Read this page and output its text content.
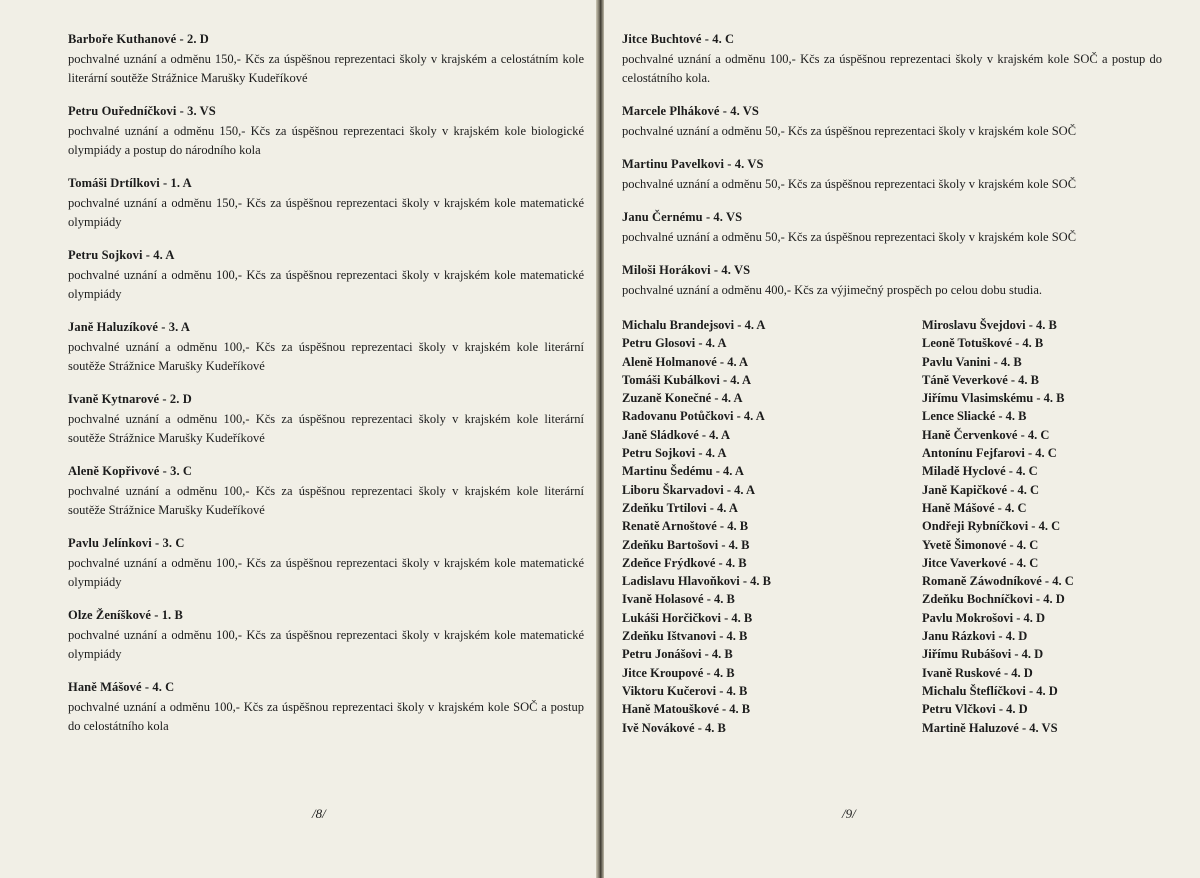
Barboře Kuthanové - 2. D
pochvalné uznání a odměnu 150,- Kčs za úspěšnou reprezentaci školy v krajském a celostátním kole literární soutěže Strážnice Marušky Kudeříkové
Petru Ouředníčkovi - 3. VS
pochvalné uznání a odměnu 150,- Kčs za úspěšnou reprezentaci školy v krajském kole biologické olympiády a postup do národního kola
Tomáši Drtílkovi - 1. A
pochvalné uznání a odměnu 150,- Kčs za úspěšnou reprezentaci školy v krajském kole matematické olympiády
Petru Sojkovi - 4. A
pochvalné uznání a odměnu 100,- Kčs za úspěšnou reprezentaci školy v krajském kole matematické olympiády
Janě Haluzíkové - 3. A
pochvalné uznání a odměnu 100,- Kčs za úspěšnou reprezentaci školy v krajském kole literární soutěže Strážnice Marušky Kudeříkové
Ivaně Kytnarové - 2. D
pochvalné uznání a odměnu 100,- Kčs za úspěšnou reprezentaci školy v krajském kole literární soutěže Strážnice Marušky Kudeříkové
Aleně Kopřivové - 3. C
pochvalné uznání a odměnu 100,- Kčs za úspěšnou reprezentaci školy v krajském kole literární soutěže Strážnice Marušky Kudeříkové
Pavlu Jelínkovi - 3. C
pochvalné uznání a odměnu 100,- Kčs za úspěšnou reprezentaci školy v krajském kole matematické olympiády
Olze Ženíškové - 1. B
pochvalné uznání a odměnu 100,- Kčs za úspěšnou reprezentaci školy v krajském kole matematické olympiády
Haně Mášové - 4. C
pochvalné uznání a odměnu 100,- Kčs za úspěšnou reprezentaci školy v krajském kole SOČ a postup do celostátního kola
/8/
Jitce Buchtové - 4. C
pochvalné uznání a odměnu 100,- Kčs za úspěšnou reprezentaci školy v krajském kole SOČ a postup do celostátního kola.
Marcele Plhákové - 4. VS
pochvalné uznání a odměnu 50,- Kčs za úspěšnou reprezentaci školy v krajském kole SOČ
Martinu Pavelkovi - 4. VS
pochvalné uznání a odměnu 50,- Kčs za úspěšnou reprezentaci školy v krajském kole SOČ
Janu Černému - 4. VS
pochvalné uznání a odměnu 50,- Kčs za úspěšnou reprezentaci školy v krajském kole SOČ
Miloši Horákovi - 4. VS
pochvalné uznání a odměnu 400,- Kčs za výjimečný prospěch po celou dobu studia.
Michalu Brandejsovi - 4. A
Petru Glosovi - 4. A
Aleně Holmanové - 4. A
Tomáši Kubálkovi - 4. A
Zuzaně Konečné - 4. A
Radovanu Potůčkovi - 4. A
Janě Sládkové - 4. A
Petru Sojkovi - 4. A
Martinu Šedému - 4. A
Liboru Škarvadovi - 4. A
Zdeňku Trtilovi - 4. A
Renatě Arnoštové - 4. B
Zdeňku Bartošovi - 4. B
Zdeňce Frýdkové - 4. B
Ladislavu Hlavoňkovi - 4. B
Ivaně Holasové - 4. B
Lukáši Horčičkovi - 4. B
Zdeňku Ištvanovi - 4. B
Petru Jonášovi - 4. B
Jitce Kroupové - 4. B
Viktoru Kučerovi - 4. B
Haně Matouškové - 4. B
Ivě Novákové - 4. B
Miroslavu Švejdovi - 4. B
Leoně Totuškové - 4. B
Pavlu Vanini - 4. B
Táně Veverkové - 4. B
Jiřímu Vlasimskému - 4. B
Lence Sliacké - 4. B
Haně Červenkové - 4. C
Antonínu Fejfarovi - 4. C
Miladě Hyclové - 4. C
Janě Kapičkové - 4. C
Haně Mášové - 4. C
Ondřeji Rybníčkovi - 4. C
Yvetě Šimonové - 4. C
Jitce Vaverkové - 4. C
Romaně Záwodníkové - 4. C
Zdeňku Bochníčkovi - 4. D
Pavlu Mokrošovi - 4. D
Janu Rázkovi - 4. D
Jiřímu Rubášovi - 4. D
Ivaně Ruskové - 4. D
Michalu Šteflíčkovi - 4. D
Petru Vlčkovi - 4. D
Martině Haluzové - 4. VS
/9/
